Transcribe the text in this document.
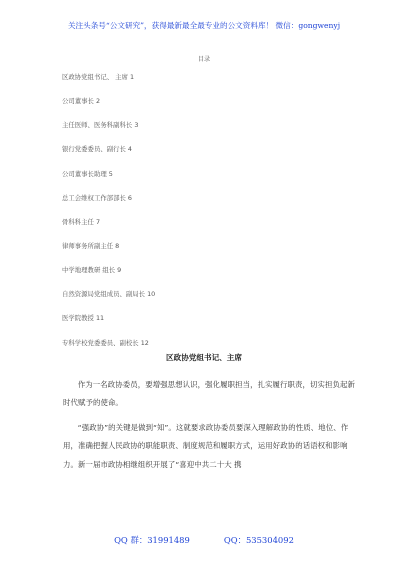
关注头条号“公文研究”，获得最新最全最专业的公文资料库！ 微信：gongwenyj
目录
区政协党组书记、 主席 1
公司董事长 2
主任医师、医务科副科长 3
银行党委委员、副行长 4
公司董事长助理 5
总工会维权工作部部长 6
骨科科主任 7
律师事务所副主任 8
中学地理教研 组长 9
自然资源局党组成员、副局长 10
医学院教授 11
专科学校党委委员、副校长 12
区政协党组书记、主席

作为一名政协委员，要增强思想认识，强化履职担当，扎实履行职责，切实担负起新时代赋予的使命。

“强政协”的关键是做到“知”。这就要求政协委员要深入理解政协的性质、地位、作用，准确把握人民政协的职能职责、制度规范和履职方式，运用好政协的话语权和影响力。新一届市政协相继组织开展了“喜迎中共二十大 携

QQ 群：31991489	QQ：535304092
